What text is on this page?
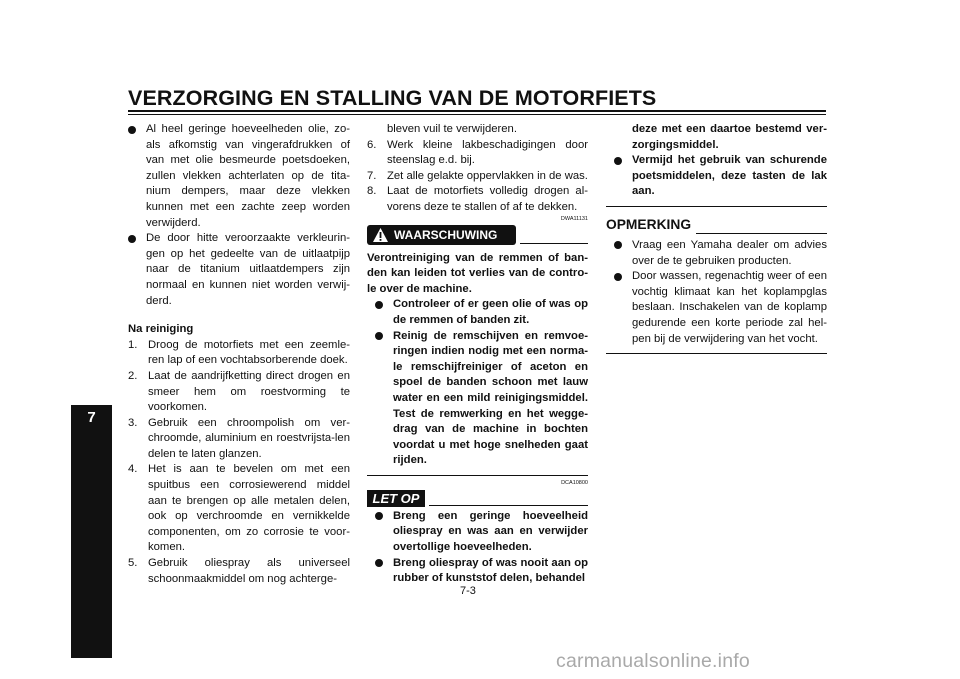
VERZORGING EN STALLING VAN DE MOTORFIETS
7

Al heel geringe hoeveelheden olie, zo-als afkomstig van vingerafdrukken of van met olie besmeurde poetsdoeken, zullen vlekken achterlaten op de tita-nium dempers, maar deze vlekken kunnen met een zachte zeep worden verwijderd.

De door hitte veroorzaakte verkleurin-gen op het gedeelte van de uitlaatpijp naar de titanium uitlaatdempers zijn normaal en kunnen niet worden verwij-derd.

Na reiniging

1. Droog de motorfiets met een zeemle-ren lap of een vochtabsorberende doek.

2. Laat de aandrijfketting direct drogen en smeer hem om roestvorming te voorkomen.

3. Gebruik een chroompolish om ver-chroomde, aluminium en roestvrijsta-len delen te laten glanzen.

4. Het is aan te bevelen om met een spuitbus een corrosiewerend middel aan te brengen op alle metalen delen, ook op verchroomde en vernikkelde componenten, om zo corrosie te voor-komen.

5. Gebruik oliespray als universeel schoonmaakmiddel om nog achterge-

bleven vuil te verwijderen.

6. Werk kleine lakbeschadigingen door steenslag e.d. bij.

7. Zet alle gelakte oppervlakken in de was.

8. Laat de motorfiets volledig drogen al-vorens deze te stallen of af te dekken.

DWA11131
WAARSCHUWING

Verontreiniging van de remmen of ban-den kan leiden tot verlies van de contro-le over de machine.

Controleer of er geen olie of was op de remmen of banden zit.

Reinig de remschijven en remvoe-ringen indien nodig met een norma-le remschijfreiniger of aceton en spoel de banden schoon met lauw water en een mild reinigingsmiddel. Test de remwerking en het wegge-drag van de machine in bochten voordat u met hoge snelheden gaat rijden.

DCA10800
LET OP

Breng een geringe hoeveelheid oliespray en was aan en verwijder overtollige hoeveelheden.

Breng oliespray of was nooit aan op rubber of kunststof delen, behandel

deze met een daartoe bestemd ver-zorgingsmiddel.

Vermijd het gebruik van schurende poetsmiddelen, deze tasten de lak aan.

OPMERKING

Vraag een Yamaha dealer om advies over de te gebruiken producten.

Door wassen, regenachtig weer of een vochtig klimaat kan het koplampglas beslaan. Inschakelen van de koplamp gedurende een korte periode zal hel-pen bij de verwijdering van het vocht.

7-3
carmanualsonline.info
